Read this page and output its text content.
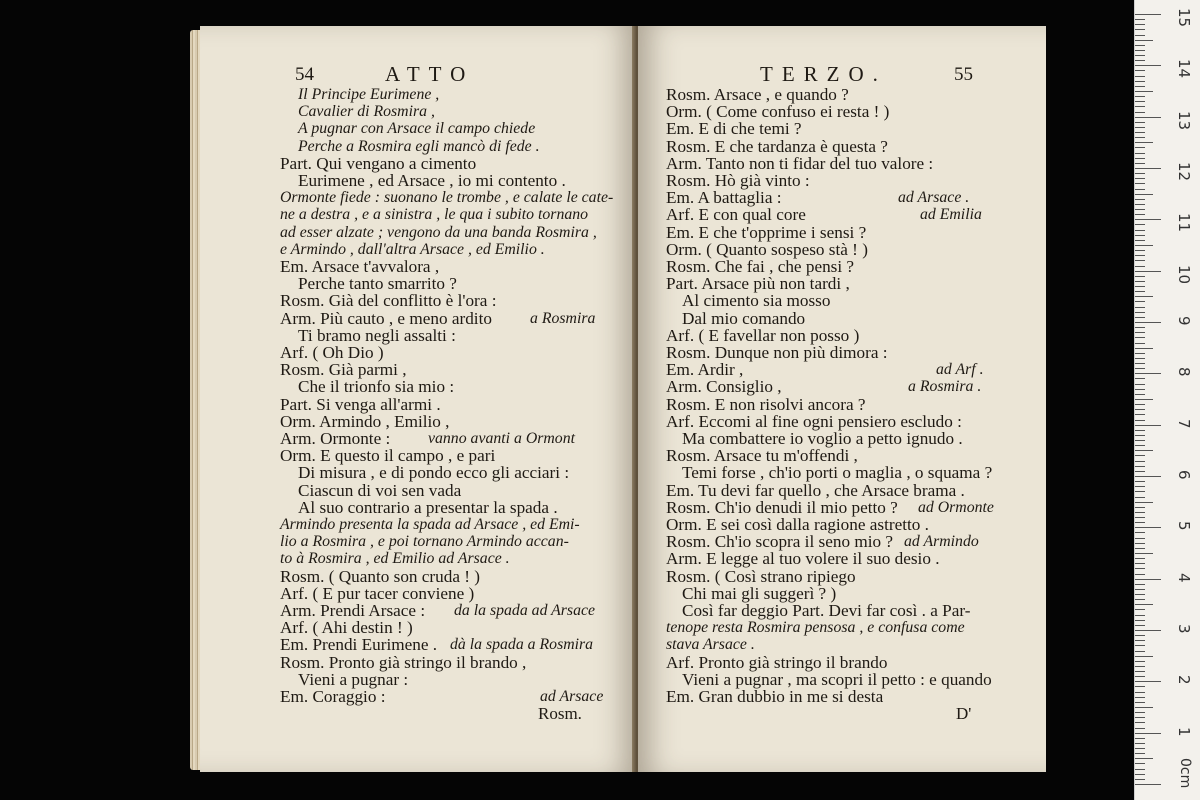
54	ATTO
Il Principe Eurimene ,
Cavalier di Rosmira ,
A pugnar con Arsace il campo chiede
Perche a Rosmira egli mancò di fede .
Part. Qui vengano a cimento
Eurimene , ed Arsace , io mi contento .
Ormonte fiede : suonano le trombe , e calate le cate-
ne a destra , e a sinistra , le qua i subito tornano
ad esser alzate ; vengono da una banda Rosmira ,
e Armindo , dall'altra Arsace , ed Emilio .
Em. Arsace t'avvalora ,
Perche tanto smarrito ?
Rosm. Già del conflitto è l'ora :
Arm. Più cauto , e meno ardito a Rosmira
Ti bramo negli assalti :
Arf. ( Oh Dio )
Rosm. Già parmi ,
Che il trionfo sia mio :
Part. Si venga all'armi .
Orm. Armindo , Emilio ,
Arm. Ormonte : vanno avanti a Ormont
Orm. E questo il campo , e pari
Di misura , e di pondo ecco gli acciari :
Ciascun di voi sen vada
Al suo contrario a presentar la spada .
Armindo presenta la spada ad Arsace , ed Emi-
lio a Rosmira , e poi tornano Armindo accan-
to à Rosmira , ed Emilio ad Arsace .
Rosm. ( Quanto son cruda ! )
Arf. ( E pur tacer conviene )
Arm. Prendi Arsace : da la spada ad Arsace
Arf. ( Ahi destin ! )
Em. Prendi Eurimene . dà la spada a Rosmira
Rosm. Pronto già stringo il brando ,
Vieni a pugnar :
Em. Coraggio :	ad Arsace
Rosm.
TERZO.	55
Rosm. Arsace , e quando ?
Orm. ( Come confuso ei resta ! )
Em. E di che temi ?
Rosm. E che tardanza è questa ?
Arm. Tanto non ti fidar del tuo valore :
Rosm. Hò già vinto :
Em. A battaglia :	ad Arsace .
Arf. E con qual core	ad Emilia
Em. E che t'opprime i sensi ?
Orm. ( Quanto sospeso stà ! )
Rosm. Che fai , che pensi ?
Part. Arsace più non tardi ,
Al cimento sia mosso
Dal mio comando
Arf. ( E favellar non posso )
Rosm. Dunque non più dimora :
Em. Ardir ,	ad Arf .
Arm. Consiglio ,	a Rosmira .
Rosm. E non risolvi ancora ?
Arf. Eccomi al fine ogni pensiero escludo :
Ma combattere io voglio a petto ignudo .
Rosm. Arsace tu m'offendi ,
Temi forse , ch'io porti o maglia , o squama ?
Em. Tu devi far quello , che Arsace brama .
Rosm. Ch'io denudi il mio petto ? ad Ormonte
Orm. E sei così dalla ragione astretto .
Rosm. Ch'io scopra il seno mio ? ad Armindo
Arm. E legge al tuo volere il suo desio .
Rosm. ( Così strano ripiego
Chi mai gli suggerì ? )
Così far deggio Part. Devi far così . a Par-
tenope resta Rosmira pensosa , e confusa come
stava Arsace .
Arf. Pronto già stringo il brando
Vieni a pugnar , ma scopri il petto : e quando
Em. Gran dubbio in me si desta
D'
15
14
13
12
11
10
9
8
7
6
5
4
3
2
1
0cm
